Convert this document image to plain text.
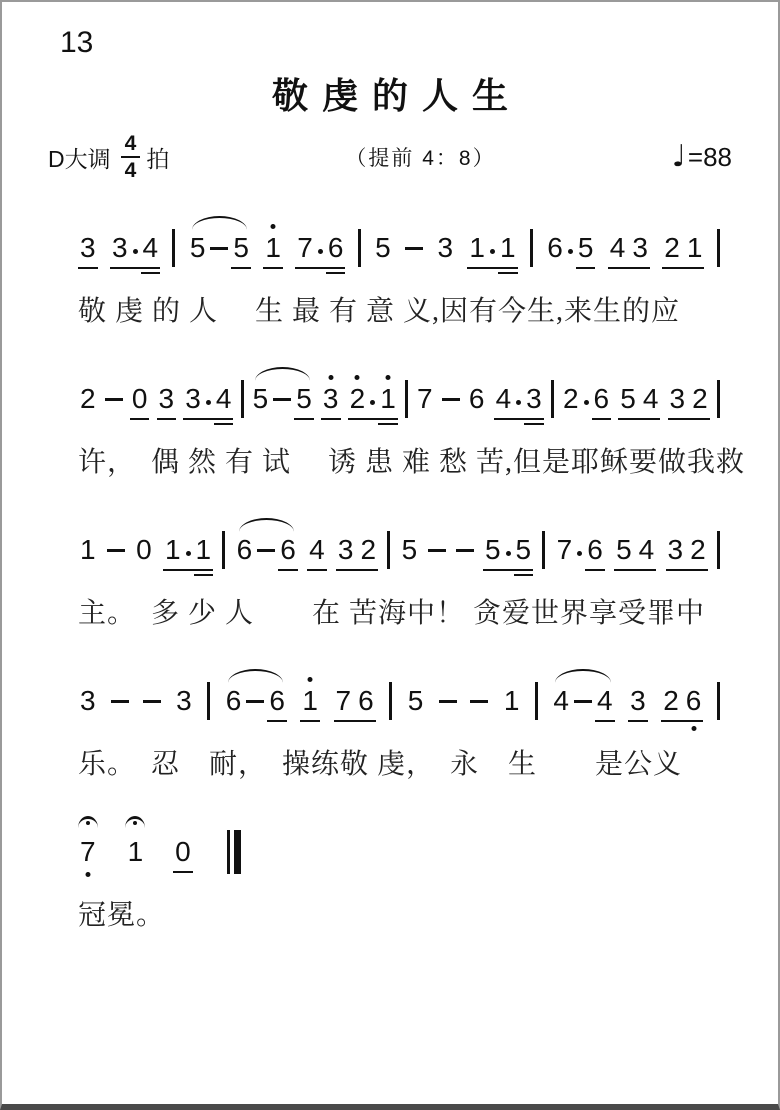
13
敬虔的人生
D大调 $\frac{4}{4}$ 拍	（提前 4：8）	♩ =88
3 3 4 5 5 1 7 6 5 3 1 1 6 5 4 3 2 1
敬 虔 的 人　 生 最 有 意 义,因有今生,来生的应
2 0 3 3 4 5 5 3 2 1 7 6 4 3 2 6 5 4 3 2
许，　偶 然 有 试　 诱 患 难 愁 苦,但是耶稣要做我救
1 0 1 1 6 6 4 3 2 5 5 5 7 6 5 4 3 2
主。　多 少 人　　在 苦海中！ 贪爱世界享受罪中
3	3 6 6 1 7 6 5	1 4 4 3 2 6
乐。　忍　耐，　操练敬 虔，　永　生　　是公义
7 1 0
冠冕。
